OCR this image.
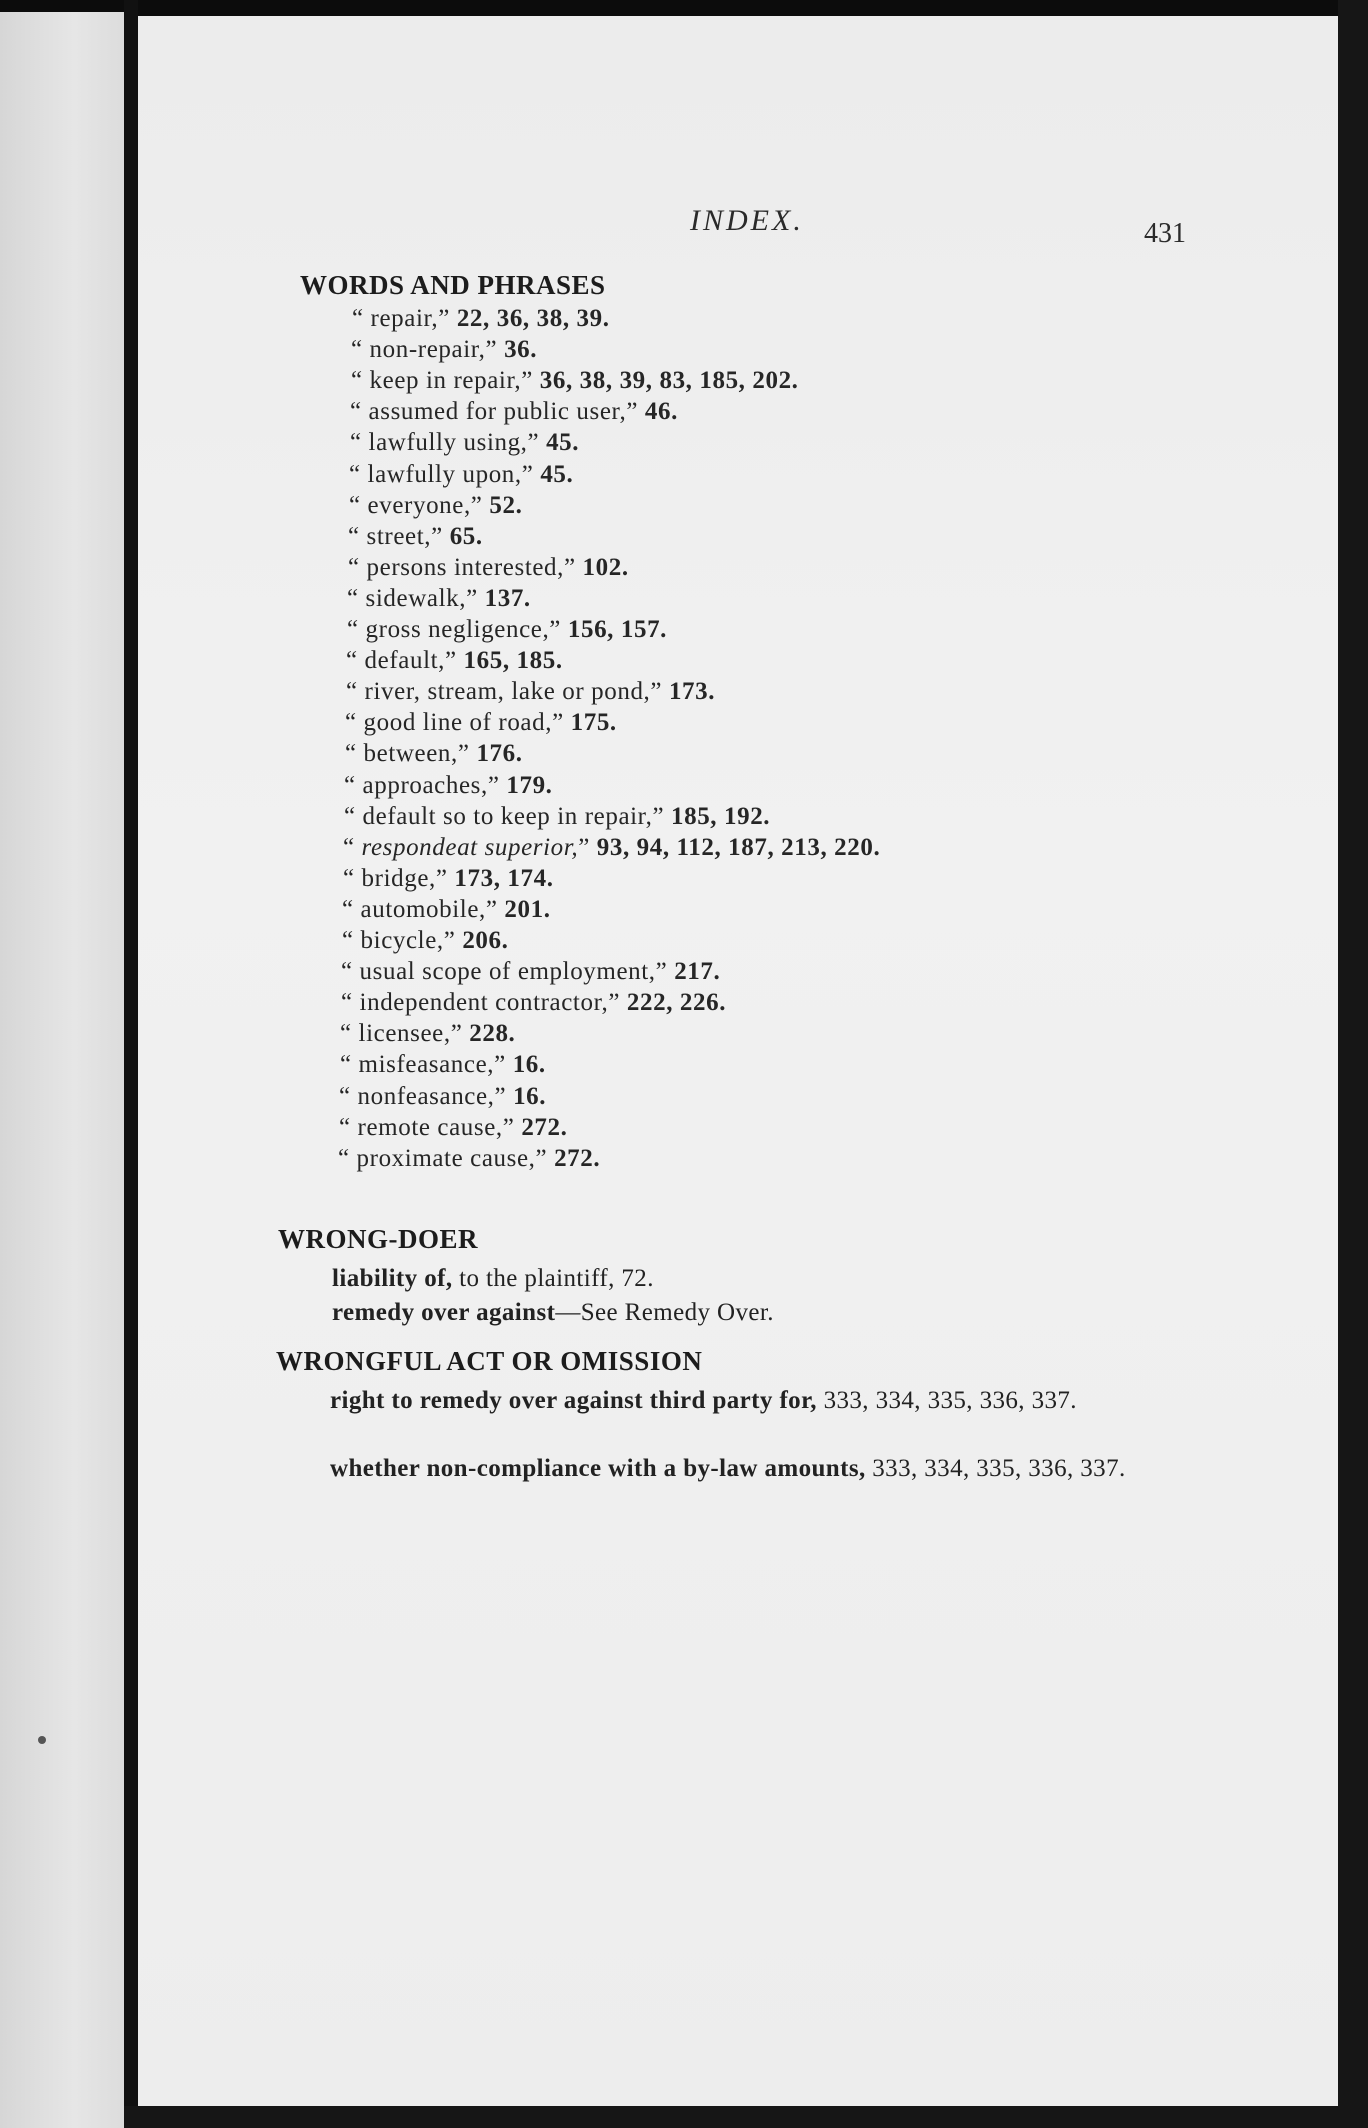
INDEX.	431
WORDS AND PHRASES
“ repair,” 22, 36, 38, 39.
“ non-repair,” 36.
“ keep in repair,” 36, 38, 39, 83, 185, 202.
“ assumed for public user,” 46.
“ lawfully using,” 45.
“ lawfully upon,” 45.
“ everyone,” 52.
“ street,” 65.
“ persons interested,” 102.
“ sidewalk,” 137.
“ gross negligence,” 156, 157.
“ default,” 165, 185.
“ river, stream, lake or pond,” 173.
“ good line of road,” 175.
“ between,” 176.
“ approaches,” 179.
“ default so to keep in repair,” 185, 192.
“ respondeat superior,” 93, 94, 112, 187, 213, 220.
“ bridge,” 173, 174.
“ automobile,” 201.
“ bicycle,” 206.
“ usual scope of employment,” 217.
“ independent contractor,” 222, 226.
“ licensee,” 228.
“ misfeasance,” 16.
“ nonfeasance,” 16.
“ remote cause,” 272.
“ proximate cause,” 272.
WRONG-DOER
liability of, to the plaintiff, 72.
remedy over against—See Remedy Over.
WRONGFUL ACT OR OMISSION
right to remedy over against third party for, 333, 334, 335, 336, 337.
whether non-compliance with a by-law amounts, 333, 334, 335, 336, 337.
